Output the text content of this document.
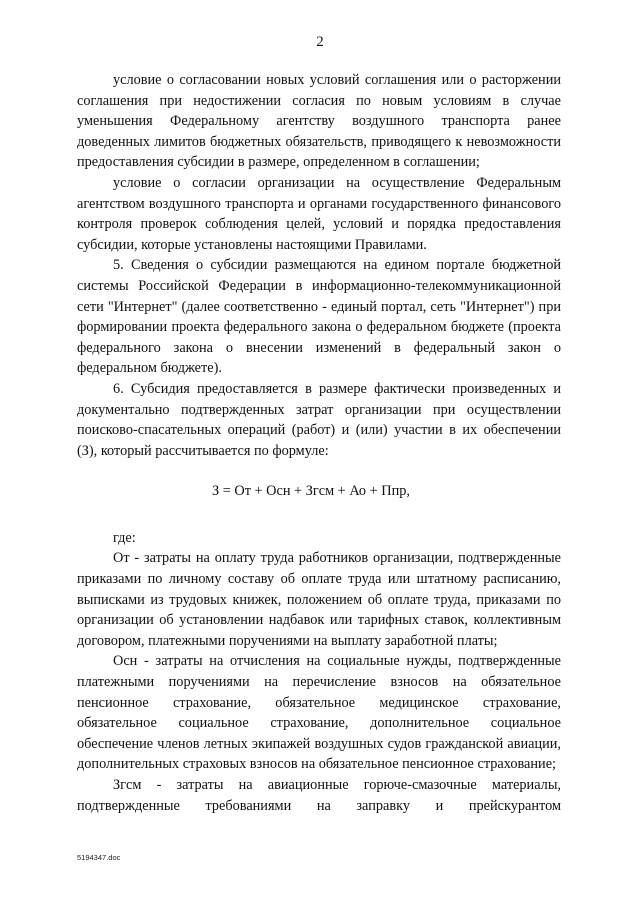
2

условие о согласовании новых условий соглашения или о расторжении соглашения при недостижении согласия по новым условиям в случае уменьшения Федеральному агентству воздушного транспорта ранее доведенных лимитов бюджетных обязательств, приводящего к невозможности предоставления субсидии в размере, определенном в соглашении;

условие о согласии организации на осуществление Федеральным агентством воздушного транспорта и органами государственного финансового контроля проверок соблюдения целей, условий и порядка предоставления субсидии, которые установлены настоящими Правилами.

5. Сведения о субсидии размещаются на едином портале бюджетной системы Российской Федерации в информационно-телекоммуникационной сети "Интернет" (далее соответственно - единый портал, сеть "Интернет") при формировании проекта федерального закона о федеральном бюджете (проекта федерального закона о внесении изменений в федеральный закон о федеральном бюджете).

6. Субсидия предоставляется в размере фактически произведенных и документально подтвержденных затрат организации при осуществлении поисково-спасательных операций (работ) и (или) участии в их обеспечении (З), который рассчитывается по формуле:

З = От + Осн + Згсм + Ао + Ппр,

где:

От - затраты на оплату труда работников организации, подтвержденные приказами по личному составу об оплате труда или штатному расписанию, выписками из трудовых книжек, положением об оплате труда, приказами по организации об установлении надбавок или тарифных ставок, коллективным договором, платежными поручениями на выплату заработной платы;

Осн - затраты на отчисления на социальные нужды, подтвержденные платежными поручениями на перечисление взносов на обязательное пенсионное страхование, обязательное медицинское страхование, обязательное социальное страхование, дополнительное социальное обеспечение членов летных экипажей воздушных судов гражданской авиации, дополнительных страховых взносов на обязательное пенсионное страхование;

Згсм - затраты на авиационные горюче-смазочные материалы, подтвержденные требованиями на заправку и прейскурантом

5194347.doc
